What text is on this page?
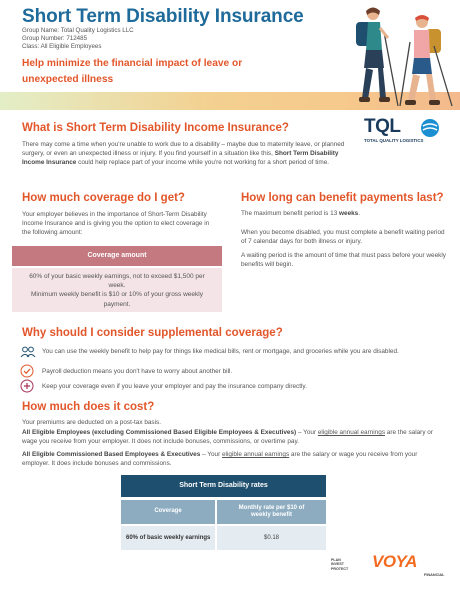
Short Term Disability Insurance
Group Name: Total Quality Logistics LLC
Group Number: 712485
Class: All Eligible Employees
Help minimize the financial impact of leave or unexpected illness
What is Short Term Disability Income Insurance?
There may come a time when you're unable to work due to a disability – maybe due to maternity leave, or planned surgery, or even an unexpected illness or injury. If you find yourself in a situation like this, Short Term Disability Income Insurance could help replace part of your income while you're not working for a short period of time.
TQL
TOTAL QUALITY LOGISTICS
How much coverage do I get?
Your employer believes in the importance of Short-Term Disability Income Insurance and is giving you the option to elect coverage in the following amount:
Coverage amount
60% of your basic weekly earnings, not to exceed $1,500 per week.
Minimum weekly benefit is $10 or 10% of your gross weekly payment.
How long can benefit payments last?
The maximum benefit period is 13 weeks.
When you become disabled, you must complete a benefit waiting period of 7 calendar days for both illness or injury.
A waiting period is the amount of time that must pass before your weekly benefits will begin.
Why should I consider supplemental coverage?
You can use the weekly benefit to help pay for things like medical bills, rent or mortgage, and groceries while you are disabled.
Payroll deduction means you don't have to worry about another bill.
Keep your coverage even if you leave your employer and pay the insurance company directly.
How much does it cost?
Your premiums are deducted on a post-tax basis.
All Eligible Employees (excluding Commissioned Based Eligible Employees & Executives) – Your eligible annual earnings are the salary or wage you receive from your employer. It does not include bonuses, commissions, or overtime pay.
All Eligible Commissioned Based Employees & Executives – Your eligible annual earnings are the salary or wage you receive from your employer. It does include bonuses and commissions.
Short Term Disability rates
Coverage
Monthly rate per $10 of weekly benefit
60% of basic weekly earnings	$0.18
PLAN
INVEST
PROTECT VOYA
FINANCIAL
